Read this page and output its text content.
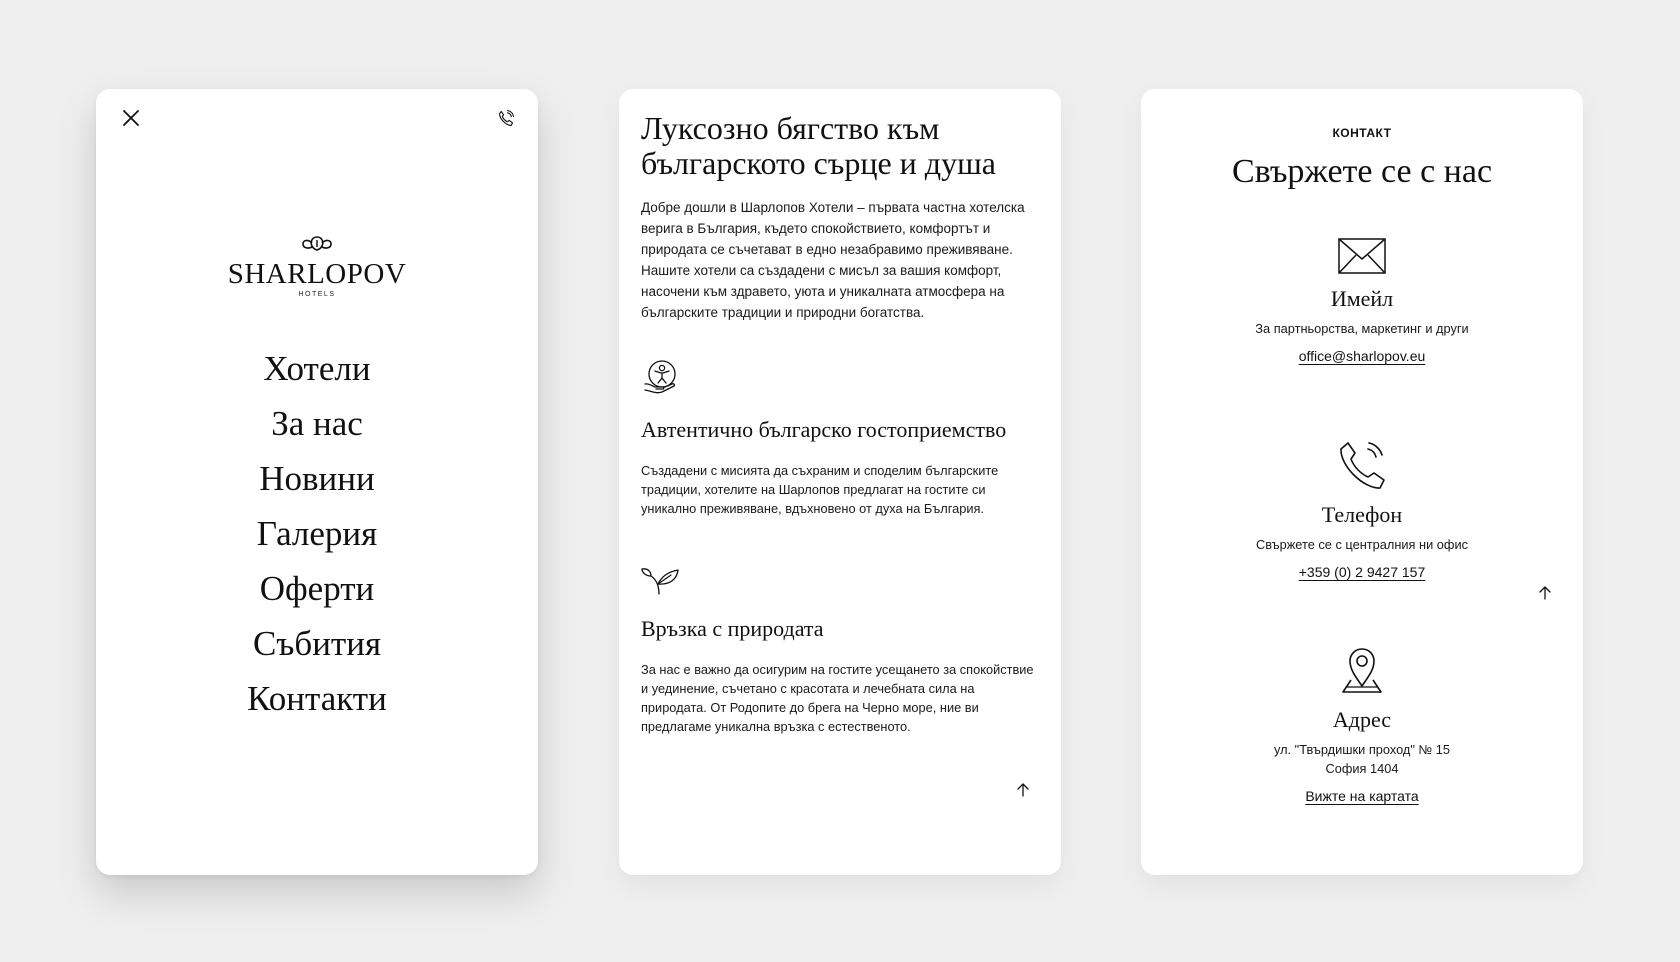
SHARLOPOV
HOTELS
Хотели
За нас
Новини
Галерия
Оферти
Събития
Контакти
Луксозно бягство към българското сърце и душа

Добре дошли в Шарлопов Хотели – първата частна хотелска верига в България, където спокойствието, комфортът и природата се съчетават в едно незабравимо преживяване. Нашите хотели са създадени с мисъл за вашия комфорт, насочени към здравето, уюта и уникалната атмосфера на българските традиции и природни богатства.

Автентично българско гостоприемство

Създадени с мисията да съхраним и споделим българските традиции, хотелите на Шарлопов предлагат на гостите си уникално преживяване, вдъхновено от духа на България.

Връзка с природата

За нас е важно да осигурим на гостите усещането за спокойствие и уединение, съчетано с красотата и лечебната сила на природата. От Родопите до брега на Черно море, ние ви предлагаме уникална връзка с естественото.

КОНТАКТ
Свържете се с нас
Имейл
За партньорства, маркетинг и други
office@sharlopov.eu
Телефон
Свържете се с централния ни офис
+359 (0) 2 9427 157
Адрес
ул. "Твърдишки проход" № 15
София 1404
Вижте на картата
